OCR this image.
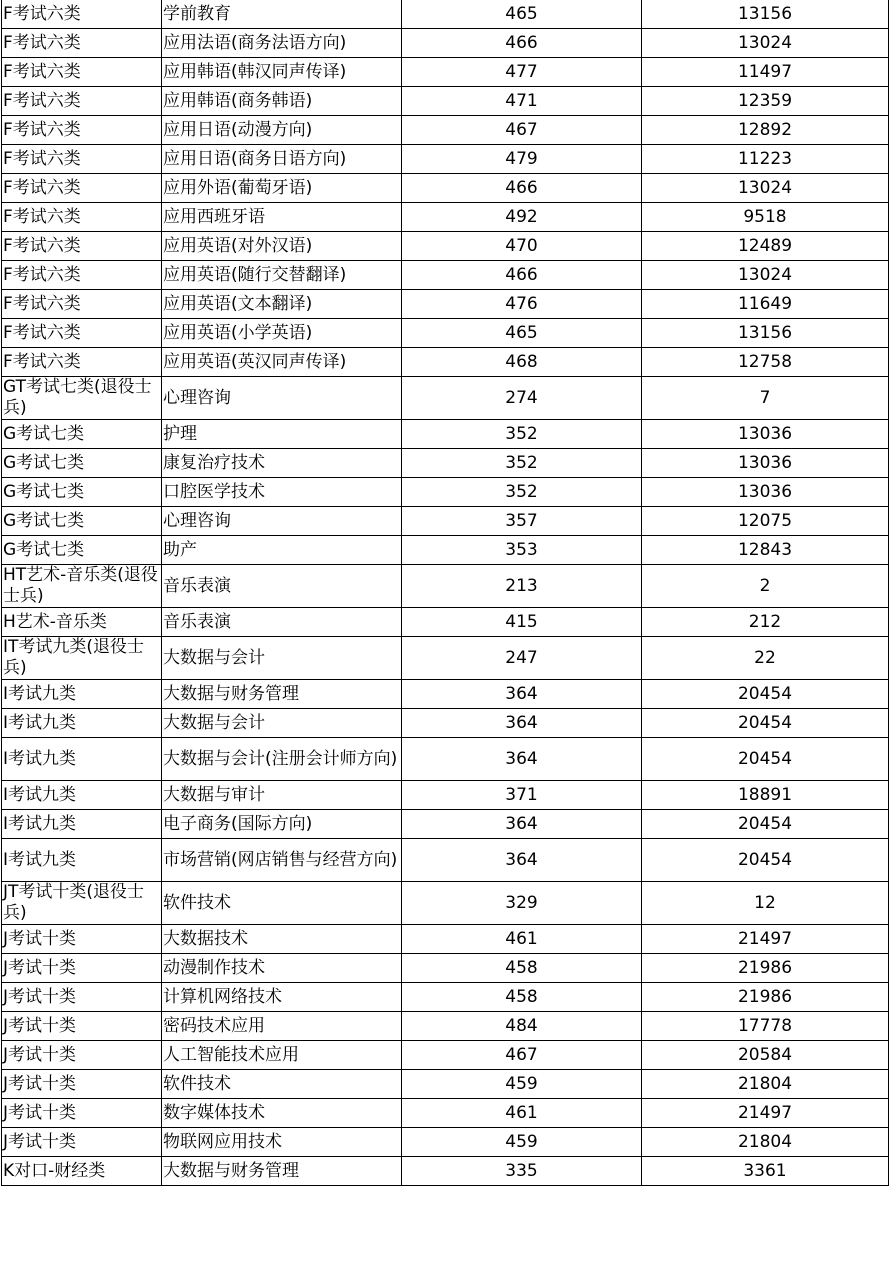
F考试六类	学前教育	465	13156
F考试六类	应用法语(商务法语方向)	466	13024
F考试六类	应用韩语(韩汉同声传译)	477	11497
F考试六类	应用韩语(商务韩语)	471	12359
F考试六类	应用日语(动漫方向)	467	12892
F考试六类	应用日语(商务日语方向)	479	11223
F考试六类	应用外语(葡萄牙语)	466	13024
F考试六类	应用西班牙语	492	9518
F考试六类	应用英语(对外汉语)	470	12489
F考试六类	应用英语(随行交替翻译)	466	13024
F考试六类	应用英语(文本翻译)	476	11649
F考试六类	应用英语(小学英语)	465	13156
F考试六类	应用英语(英汉同声传译)	468	12758
GT考试七类(退役士兵)	心理咨询	274	7
G考试七类	护理	352	13036
G考试七类	康复治疗技术	352	13036
G考试七类	口腔医学技术	352	13036
G考试七类	心理咨询	357	12075
G考试七类	助产	353	12843
HT艺术-音乐类(退役士兵)	音乐表演	213	2
H艺术-音乐类	音乐表演	415	212
IT考试九类(退役士兵)	大数据与会计	247	22
I考试九类	大数据与财务管理	364	20454
I考试九类	大数据与会计	364	20454
I考试九类	大数据与会计(注册会计师方向)	364	20454
I考试九类	大数据与审计	371	18891
I考试九类	电子商务(国际方向)	364	20454
I考试九类	市场营销(网店销售与经营方向)	364	20454
JT考试十类(退役士兵)	软件技术	329	12
J考试十类	大数据技术	461	21497
J考试十类	动漫制作技术	458	21986
J考试十类	计算机网络技术	458	21986
J考试十类	密码技术应用	484	17778
J考试十类	人工智能技术应用	467	20584
J考试十类	软件技术	459	21804
J考试十类	数字媒体技术	461	21497
J考试十类	物联网应用技术	459	21804
K对口-财经类	大数据与财务管理	335	3361
